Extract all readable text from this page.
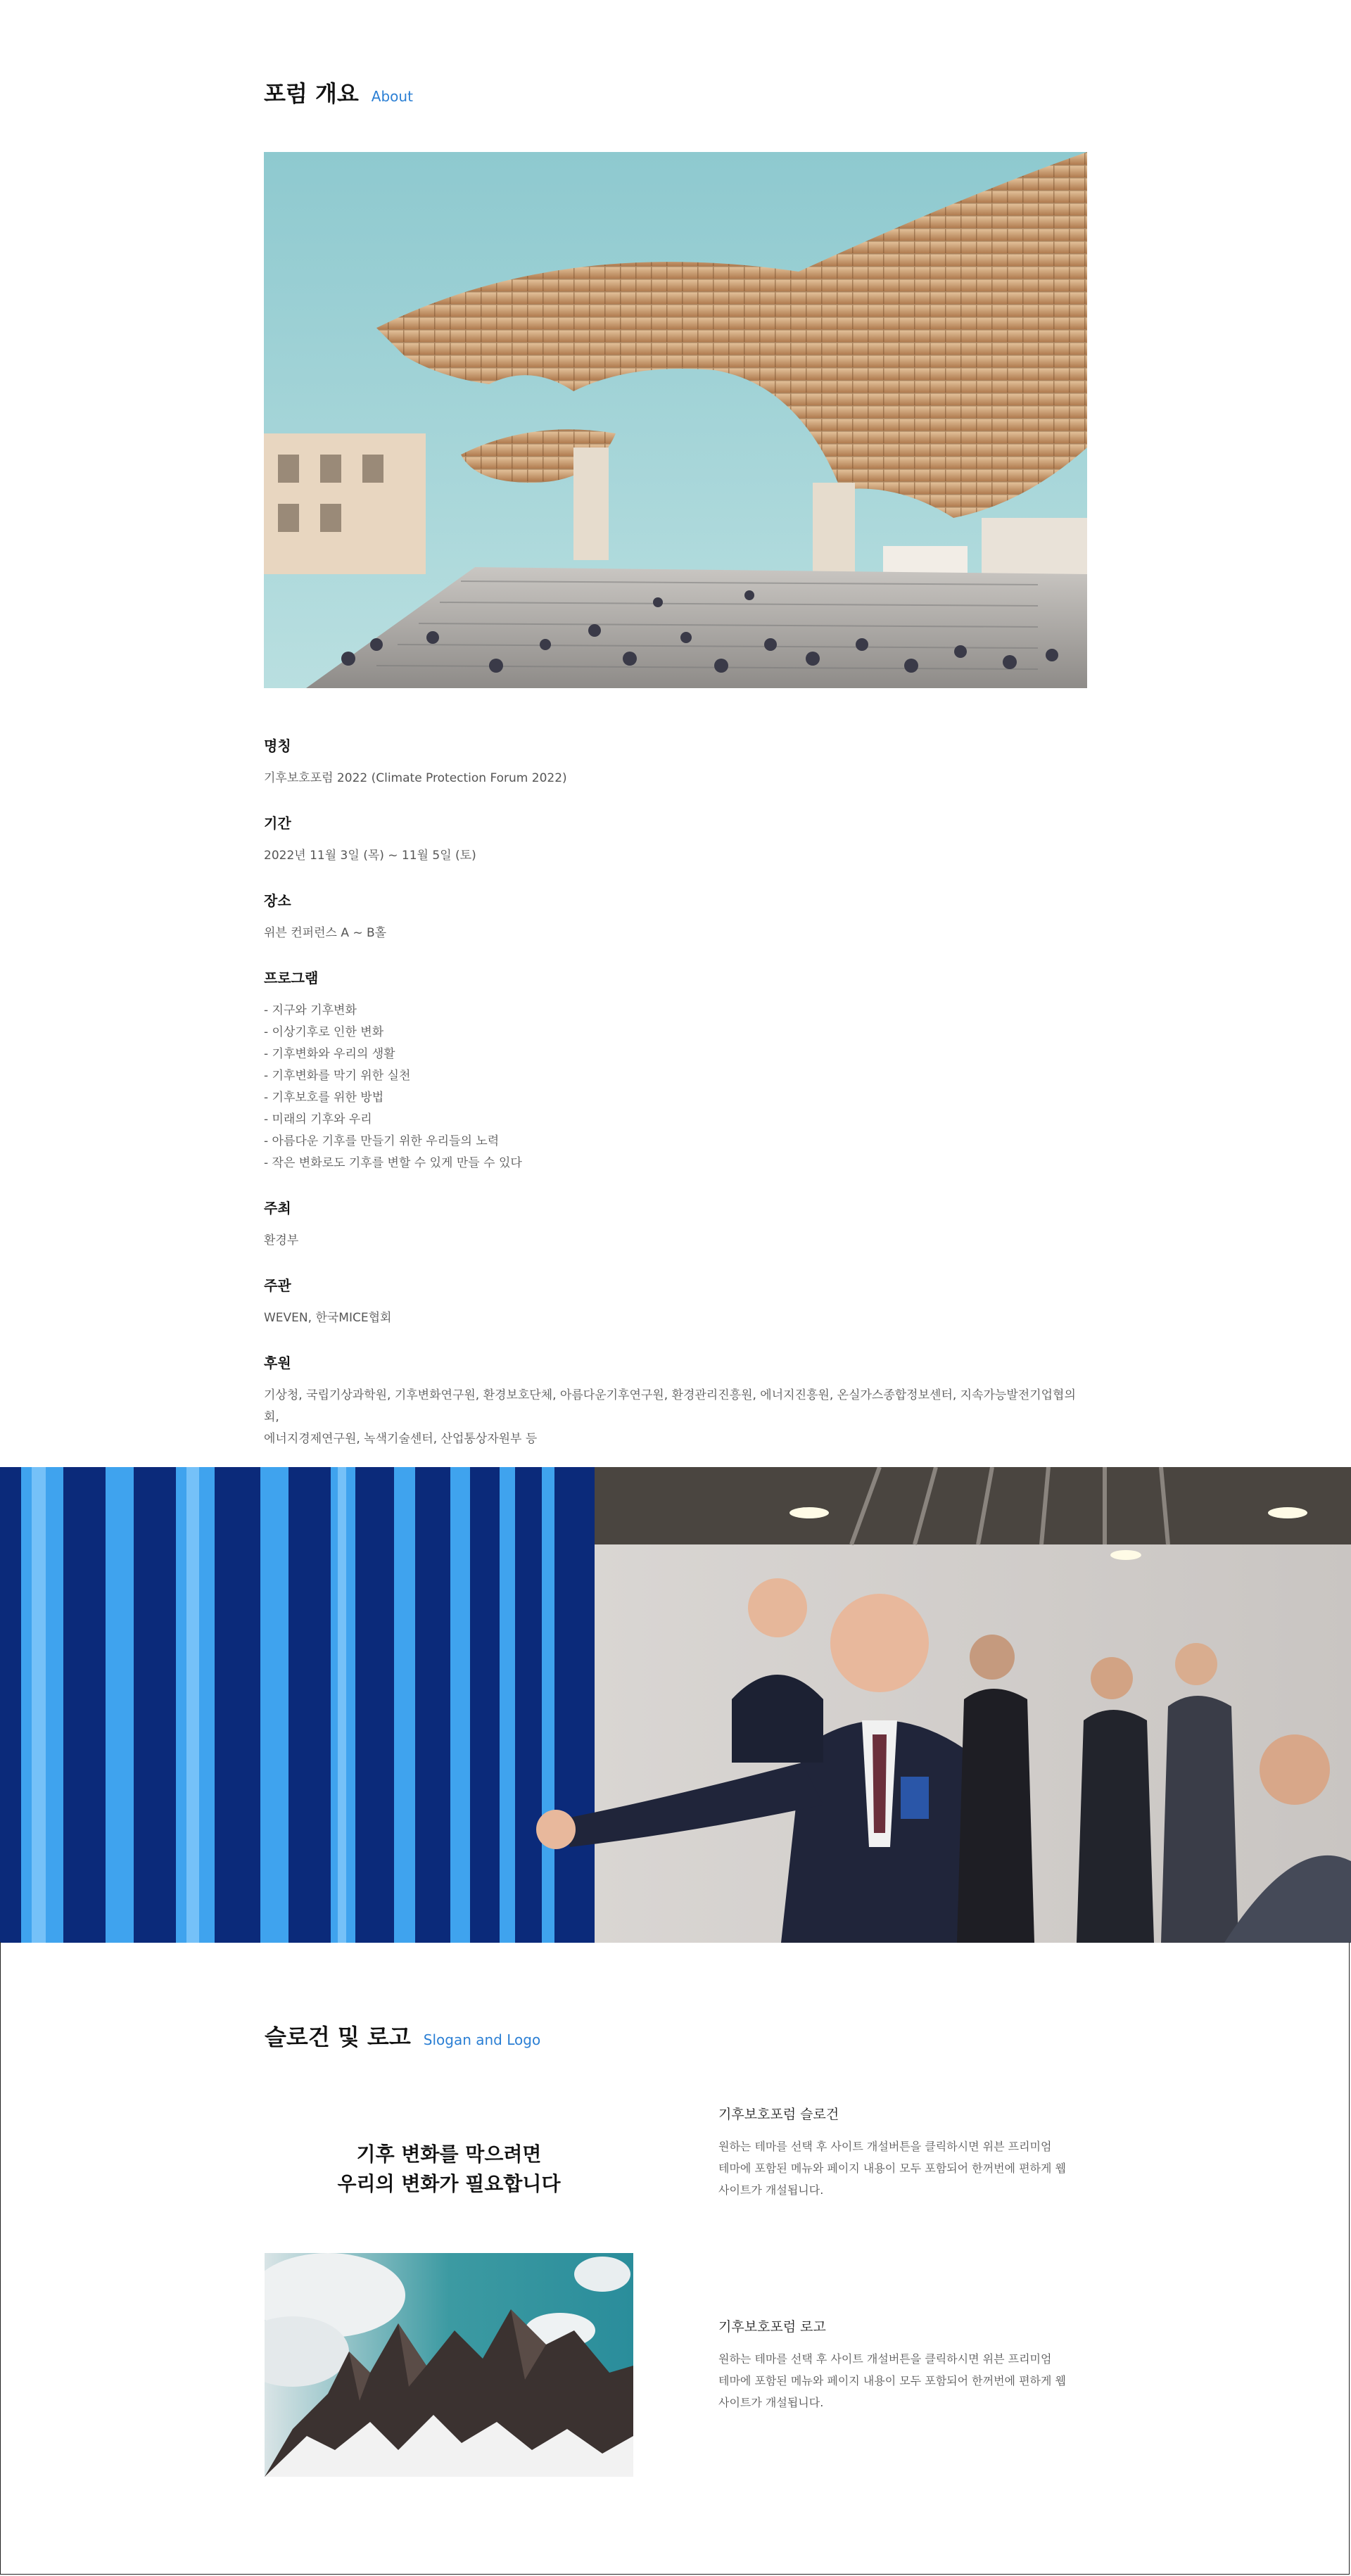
포럼 개요 About
명칭
기후보호포럼 2022 (Climate Protection Forum 2022)
기간
2022년 11월 3일 (목) ~ 11월 5일 (토)
장소
위븐 컨퍼런스 A ~ B홀
프로그램
- 지구와 기후변화
- 이상기후로 인한 변화
- 기후변화와 우리의 생활
- 기후변화를 막기 위한 실천
- 기후보호를 위한 방법
- 미래의 기후와 우리
- 아름다운 기후를 만들기 위한 우리들의 노력
- 작은 변화로도 기후를 변할 수 있게 만들 수 있다
주최
환경부
주관
WEVEN, 한국MICE협회
후원
기상청, 국립기상과학원, 기후변화연구원, 환경보호단체, 아름다운기후연구원, 환경관리진흥원, 에너지진흥원, 온실가스종합정보센터, 지속가능발전기업협의회,
에너지경제연구원, 녹색기술센터, 산업통상자원부 등
슬로건 및 로고 Slogan and Logo
기후 변화를 막으려면
우리의 변화가 필요합니다
기후보호포럼 슬로건
원하는 테마를 선택 후 사이트 개설버튼을 클릭하시면 위븐 프리미엄
테마에 포함된 메뉴와 페이지 내용이 모두 포함되어 한꺼번에 편하게 웹
사이트가 개설됩니다.
기후보호포럼 로고
원하는 테마를 선택 후 사이트 개설버튼을 클릭하시면 위븐 프리미엄
테마에 포함된 메뉴와 페이지 내용이 모두 포함되어 한꺼번에 편하게 웹
사이트가 개설됩니다.
